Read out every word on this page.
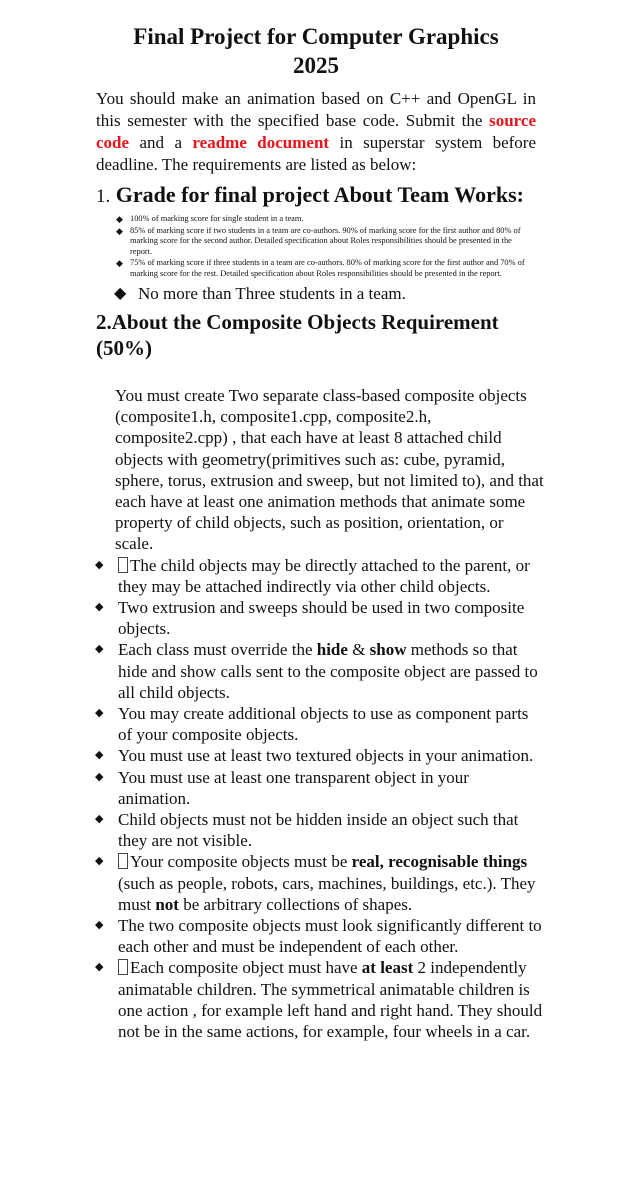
Final Project for Computer Graphics
2025
You should make an animation based on C++ and OpenGL in this semester with the specified base code. Submit the source code and a readme document in superstar system before deadline. The requirements are listed as below:
1. Grade for final project About Team Works:
◆ 100% of marking score for single student in a team.
◆ 85% of marking score if two students in a team are co-authors. 90% of marking score for the first author and 80% of marking score for the second author. Detailed specification about Roles responsibilities should be presented in the report.
◆ 75% of marking score if three students in a team are co-authors. 80% of marking score for the first author and 70% of marking score for the rest. Detailed specification about Roles responsibilities should be presented in the report.
◆ No more than Three students in a team.
2.About the Composite Objects Requirement (50%)
You must create Two separate class-based composite objects (composite1.h, composite1.cpp, composite2.h, composite2.cpp) , that each have at least 8 attached child objects with geometry(primitives such as: cube, pyramid, sphere, torus, extrusion and sweep, but not limited to), and that each have at least one animation methods that animate some property of child objects, such as position, orientation, or scale.
◆ The child objects may be directly attached to the parent, or they may be attached indirectly via other child objects.
◆ Two extrusion and sweeps should be used in two composite objects.
◆ Each class must override the hide & show methods so that hide and show calls sent to the composite object are passed to all child objects.
◆ You may create additional objects to use as component parts of your composite objects.
◆ You must use at least two textured objects in your animation.
◆ You must use at least one transparent object in your animation.
◆ Child objects must not be hidden inside an object such that they are not visible.
◆ Your composite objects must be real, recognisable things (such as people, robots, cars, machines, buildings, etc.). They must not be arbitrary collections of shapes.
◆ The two composite objects must look significantly different to each other and must be independent of each other.
◆ Each composite object must have at least 2 independently animatable children. The symmetrical animatable children is one action , for example left hand and right hand. They should not be in the same actions, for example, four wheels in a car.
